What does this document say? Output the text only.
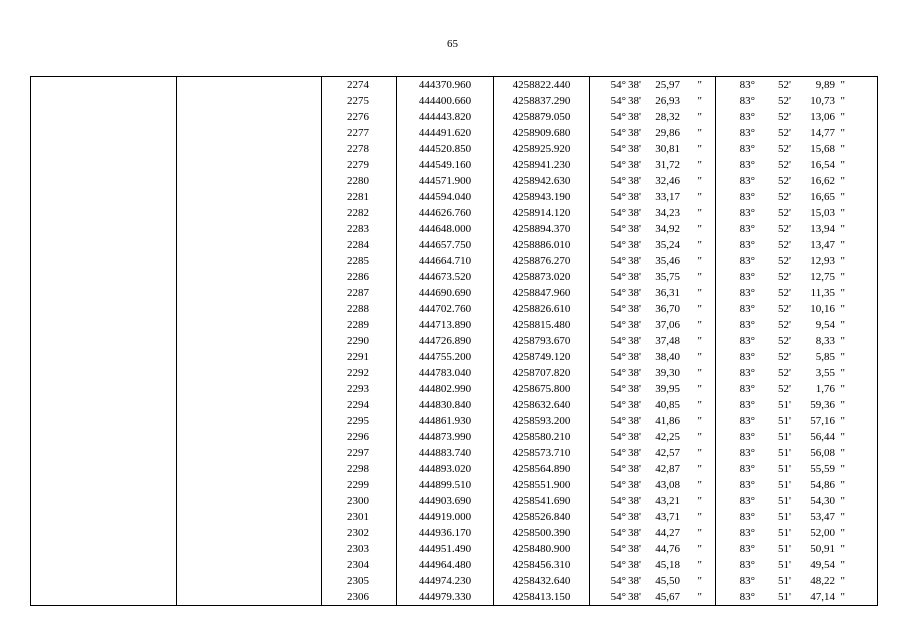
65
		2274	444370.960	4258822.440	54° 38' 25,97 "	83° 52' 9,89 "
		2275	444400.660	4258837.290	54° 38' 26,93 "	83° 52' 10,73 "
		2276	444443.820	4258879.050	54° 38' 28,32 "	83° 52' 13,06 "
		2277	444491.620	4258909.680	54° 38' 29,86 "	83° 52' 14,77 "
		2278	444520.850	4258925.920	54° 38' 30,81 "	83° 52' 15,68 "
		2279	444549.160	4258941.230	54° 38' 31,72 "	83° 52' 16,54 "
		2280	444571.900	4258942.630	54° 38' 32,46 "	83° 52' 16,62 "
		2281	444594.040	4258943.190	54° 38' 33,17 "	83° 52' 16,65 "
		2282	444626.760	4258914.120	54° 38' 34,23 "	83° 52' 15,03 "
		2283	444648.000	4258894.370	54° 38' 34,92 "	83° 52' 13,94 "
		2284	444657.750	4258886.010	54° 38' 35,24 "	83° 52' 13,47 "
		2285	444664.710	4258876.270	54° 38' 35,46 "	83° 52' 12,93 "
		2286	444673.520	4258873.020	54° 38' 35,75 "	83° 52' 12,75 "
		2287	444690.690	4258847.960	54° 38' 36,31 "	83° 52' 11,35 "
		2288	444702.760	4258826.610	54° 38' 36,70 "	83° 52' 10,16 "
		2289	444713.890	4258815.480	54° 38' 37,06 "	83° 52' 9,54 "
		2290	444726.890	4258793.670	54° 38' 37,48 "	83° 52' 8,33 "
		2291	444755.200	4258749.120	54° 38' 38,40 "	83° 52' 5,85 "
		2292	444783.040	4258707.820	54° 38' 39,30 "	83° 52' 3,55 "
		2293	444802.990	4258675.800	54° 38' 39,95 "	83° 52' 1,76 "
		2294	444830.840	4258632.640	54° 38' 40,85 "	83° 51' 59,36 "
		2295	444861.930	4258593.200	54° 38' 41,86 "	83° 51' 57,16 "
		2296	444873.990	4258580.210	54° 38' 42,25 "	83° 51' 56,44 "
		2297	444883.740	4258573.710	54° 38' 42,57 "	83° 51' 56,08 "
		2298	444893.020	4258564.890	54° 38' 42,87 "	83° 51' 55,59 "
		2299	444899.510	4258551.900	54° 38' 43,08 "	83° 51' 54,86 "
		2300	444903.690	4258541.690	54° 38' 43,21 "	83° 51' 54,30 "
		2301	444919.000	4258526.840	54° 38' 43,71 "	83° 51' 53,47 "
		2302	444936.170	4258500.390	54° 38' 44,27 "	83° 51' 52,00 "
		2303	444951.490	4258480.900	54° 38' 44,76 "	83° 51' 50,91 "
		2304	444964.480	4258456.310	54° 38' 45,18 "	83° 51' 49,54 "
		2305	444974.230	4258432.640	54° 38' 45,50 "	83° 51' 48,22 "
		2306	444979.330	4258413.150	54° 38' 45,67 "	83° 51' 47,14 "
